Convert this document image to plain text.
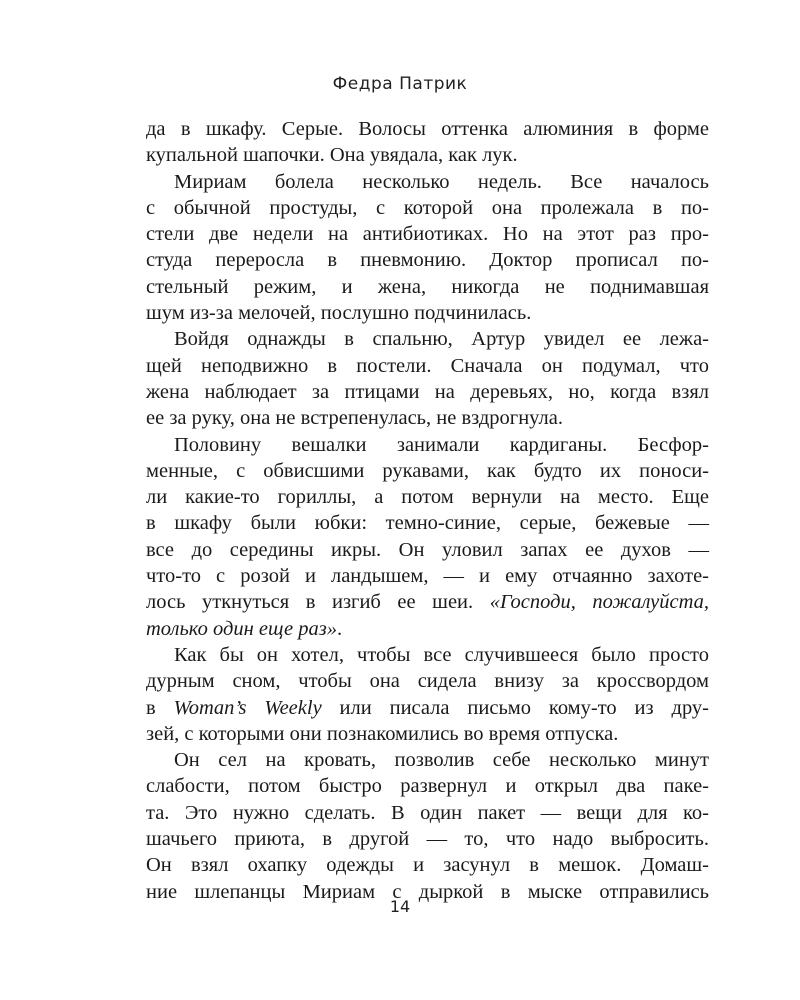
Федра Патрик
да в шкафу. Серые. Волосы оттенка алюминия в форме
купальной шапочки. Она увядала, как лук.
Мириам болела несколько недель. Все началось
с обычной простуды, с которой она пролежала в по-
стели две недели на антибиотиках. Но на этот раз про-
студа переросла в пневмонию. Доктор прописал по-
стельный режим, и жена, никогда не поднимавшая
шум из-за мелочей, послушно подчинилась.
Войдя однажды в спальню, Артур увидел ее лежа-
щей неподвижно в постели. Сначала он подумал, что
жена наблюдает за птицами на деревьях, но, когда взял
ее за руку, она не встрепенулась, не вздрогнула.
Половину вешалки занимали кардиганы. Бесфор-
менные, с обвисшими рукавами, как будто их поноси-
ли какие-то гориллы, а потом вернули на место. Еще
в шкафу были юбки: темно-синие, серые, бежевые —
все до середины икры. Он уловил запах ее духов —
что-то с розой и ландышем, — и ему отчаянно захоте-
лось уткнуться в изгиб ее шеи. «Господи, пожалуйста,
только один еще раз».
Как бы он хотел, чтобы все случившееся было просто
дурным сном, чтобы она сидела внизу за кроссвордом
в Woman’s Weekly или писала письмо кому-то из дру-
зей, с которыми они познакомились во время отпуска.
Он сел на кровать, позволив себе несколько минут
слабости, потом быстро развернул и открыл два паке-
та. Это нужно сделать. В один пакет — вещи для ко-
шачьего приюта, в другой — то, что надо выбросить.
Он взял охапку одежды и засунул в мешок. Домаш-
ние шлепанцы Мириам с дыркой в мыске отправились
14
